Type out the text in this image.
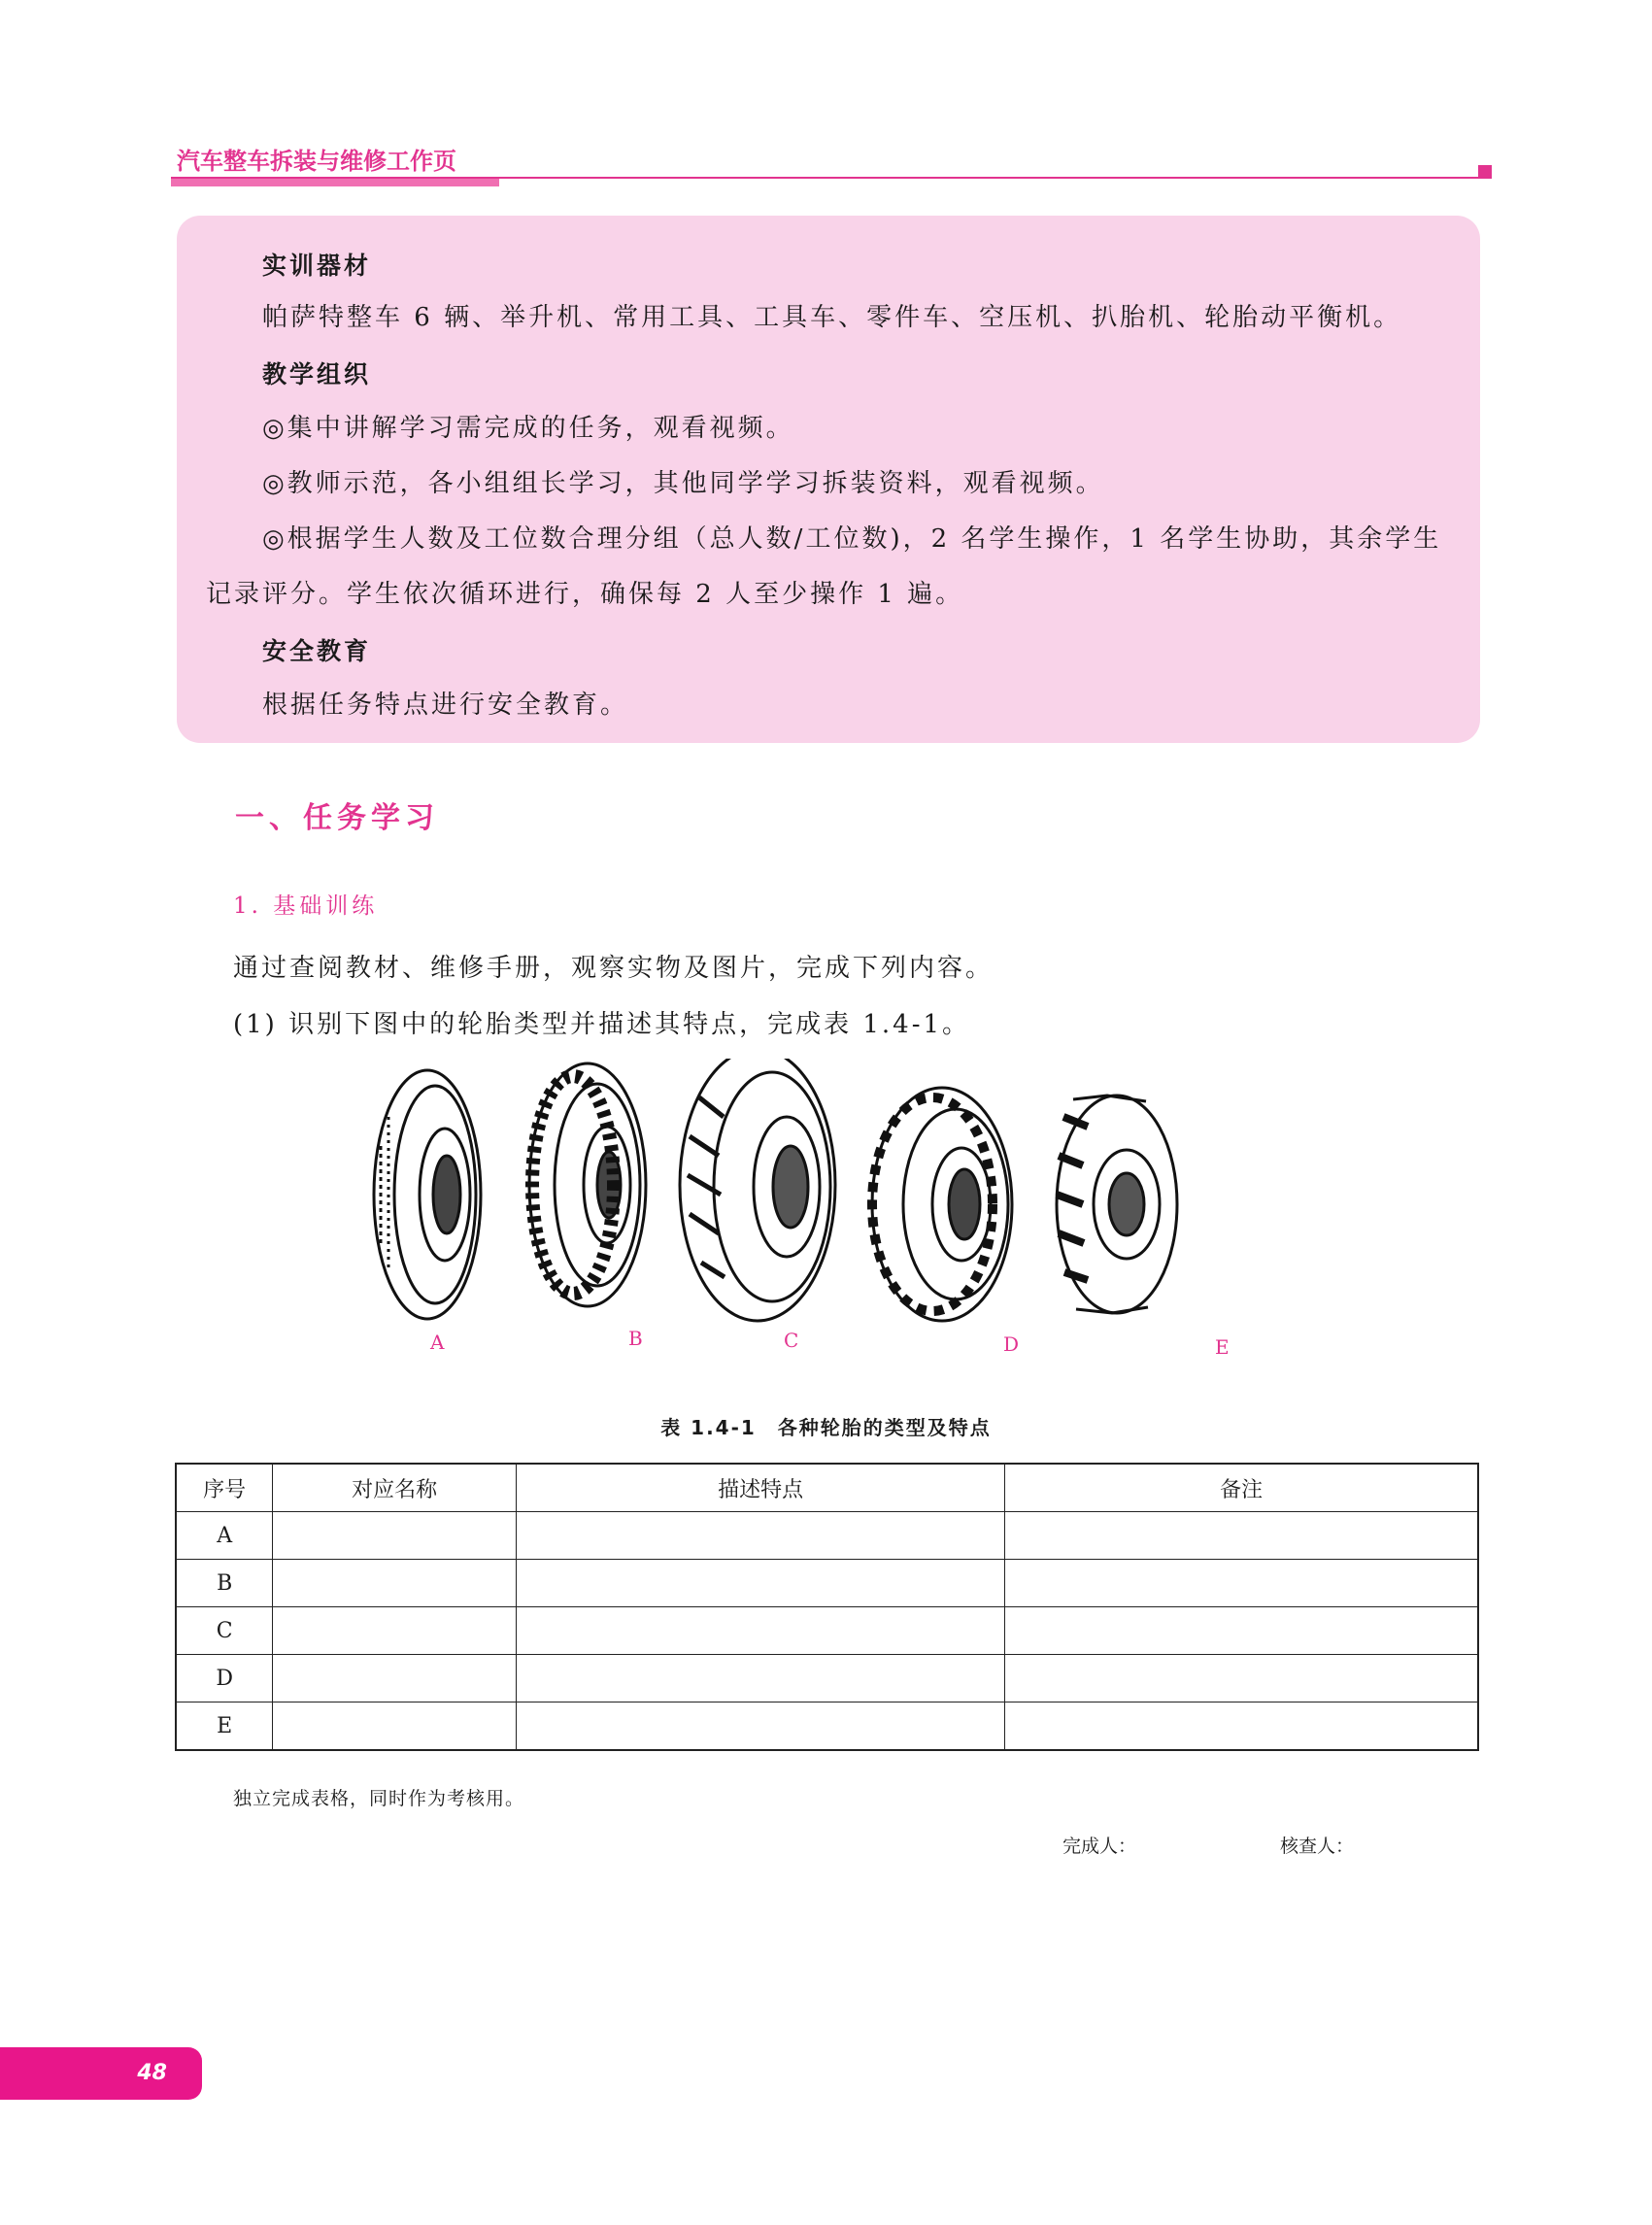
汽车整车拆装与维修工作页
实训器材
帕萨特整车 6 辆、举升机、常用工具、工具车、零件车、空压机、扒胎机、轮胎动平衡机。
教学组织
◎集中讲解学习需完成的任务，观看视频。
◎教师示范，各小组组长学习，其他同学学习拆装资料，观看视频。
◎根据学生人数及工位数合理分组（总人数/工位数)，2 名学生操作，1 名学生协助，其余学生
记录评分。学生依次循环进行，确保每 2 人至少操作 1 遍。
安全教育
根据任务特点进行安全教育。
一、任务学习
1. 基础训练
通过查阅教材、维修手册，观察实物及图片，完成下列内容。
(1) 识别下图中的轮胎类型并描述其特点，完成表 1.4-1。
A	B	C	D	E
表 1.4-1　各种轮胎的类型及特点
序号	对应名称	描述特点	备注
A			
B			
C			
D			
E			
独立完成表格，同时作为考核用。
完成人：	核查人：
48
